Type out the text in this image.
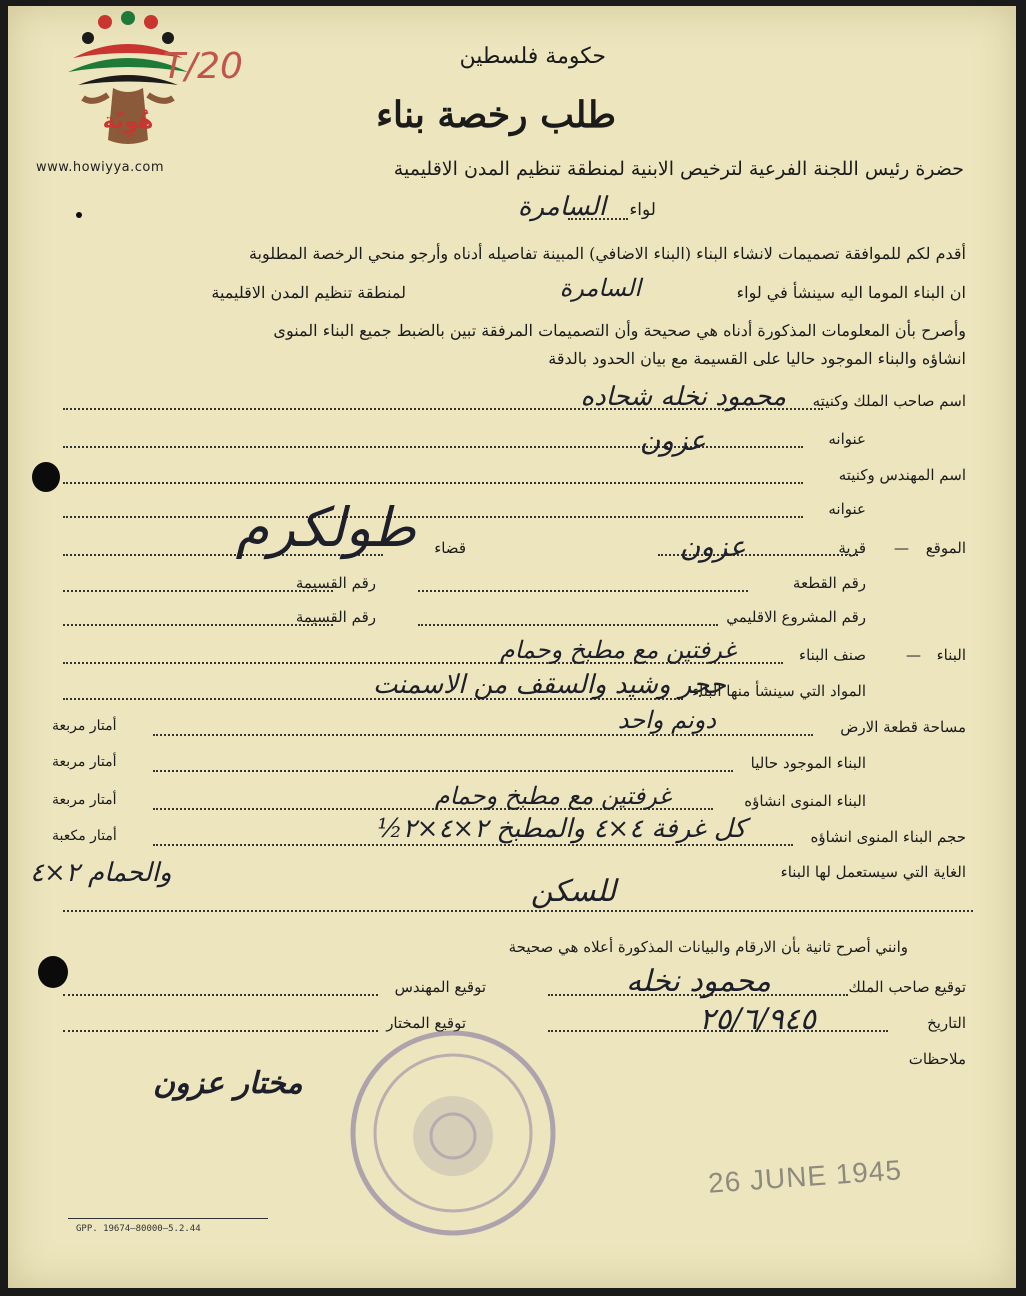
هُوِيّة
www.howiyya.com
T/20	حكومة فلسطين
طلب رخصة بناء
حضرة رئيس اللجنة الفرعية لترخيص الابنية لمنطقة تنظيم المدن الاقليمية
لواء
السامرة
أقدم لكم للموافقة تصميمات لانشاء البناء (البناء الاضافي) المبينة تفاصيله أدناه وأرجو منحي الرخصة المطلوبة
ان البناء الموما اليه سينشأ في لواء
السامرة
لمنطقة تنظيم المدن الاقليمية
وأصرح بأن المعلومات المذكورة أدناه هي صحيحة وأن التصميمات المرفقة تبين بالضبط جميع البناء المنوى
انشاؤه والبناء الموجود حاليا على القسيمة مع بيان الحدود بالدقة
اسم صاحب الملك وكنيته
محمود نخله شحاده
عنوانه
عزون
اسم المهندس وكنيته
عنوانه
الموقع
—
قرية
عزون
قضاء
طولكرم
رقم القطعة
رقم القسيمة
رقم المشروع الاقليمي
رقم القسيمة
البناء
—
صنف البناء
غرفتين مع مطبخ وحمام
المواد التي سينشأ منها البناء
حجر وشيد والسقف من الاسمنت
مساحة قطعة الارض
دونم واحد
أمتار مربعة
البناء الموجود حاليا
أمتار مربعة
البناء المنوى انشاؤه
غرفتين مع مطبخ وحمام
أمتار مربعة
حجم البناء المنوى انشاؤه
كل غرفة ٤×٤ والمطبخ ٢×٤×٢½
أمتار مكعبة
الغاية التي سيستعمل لها البناء
والحمام ٢×٤
للسكن
وانني أصرح ثانية بأن الارقام والبيانات المذكورة أعلاه هي صحيحة
توقيع صاحب الملك
محمود نخله
توقيع المهندس
التاريخ
٢٥/٦/٩٤٥
توقيع المختار
ملاحظات
مختار عزون
26 JUNE 1945
GPP. 19674—80000—5.2.44
